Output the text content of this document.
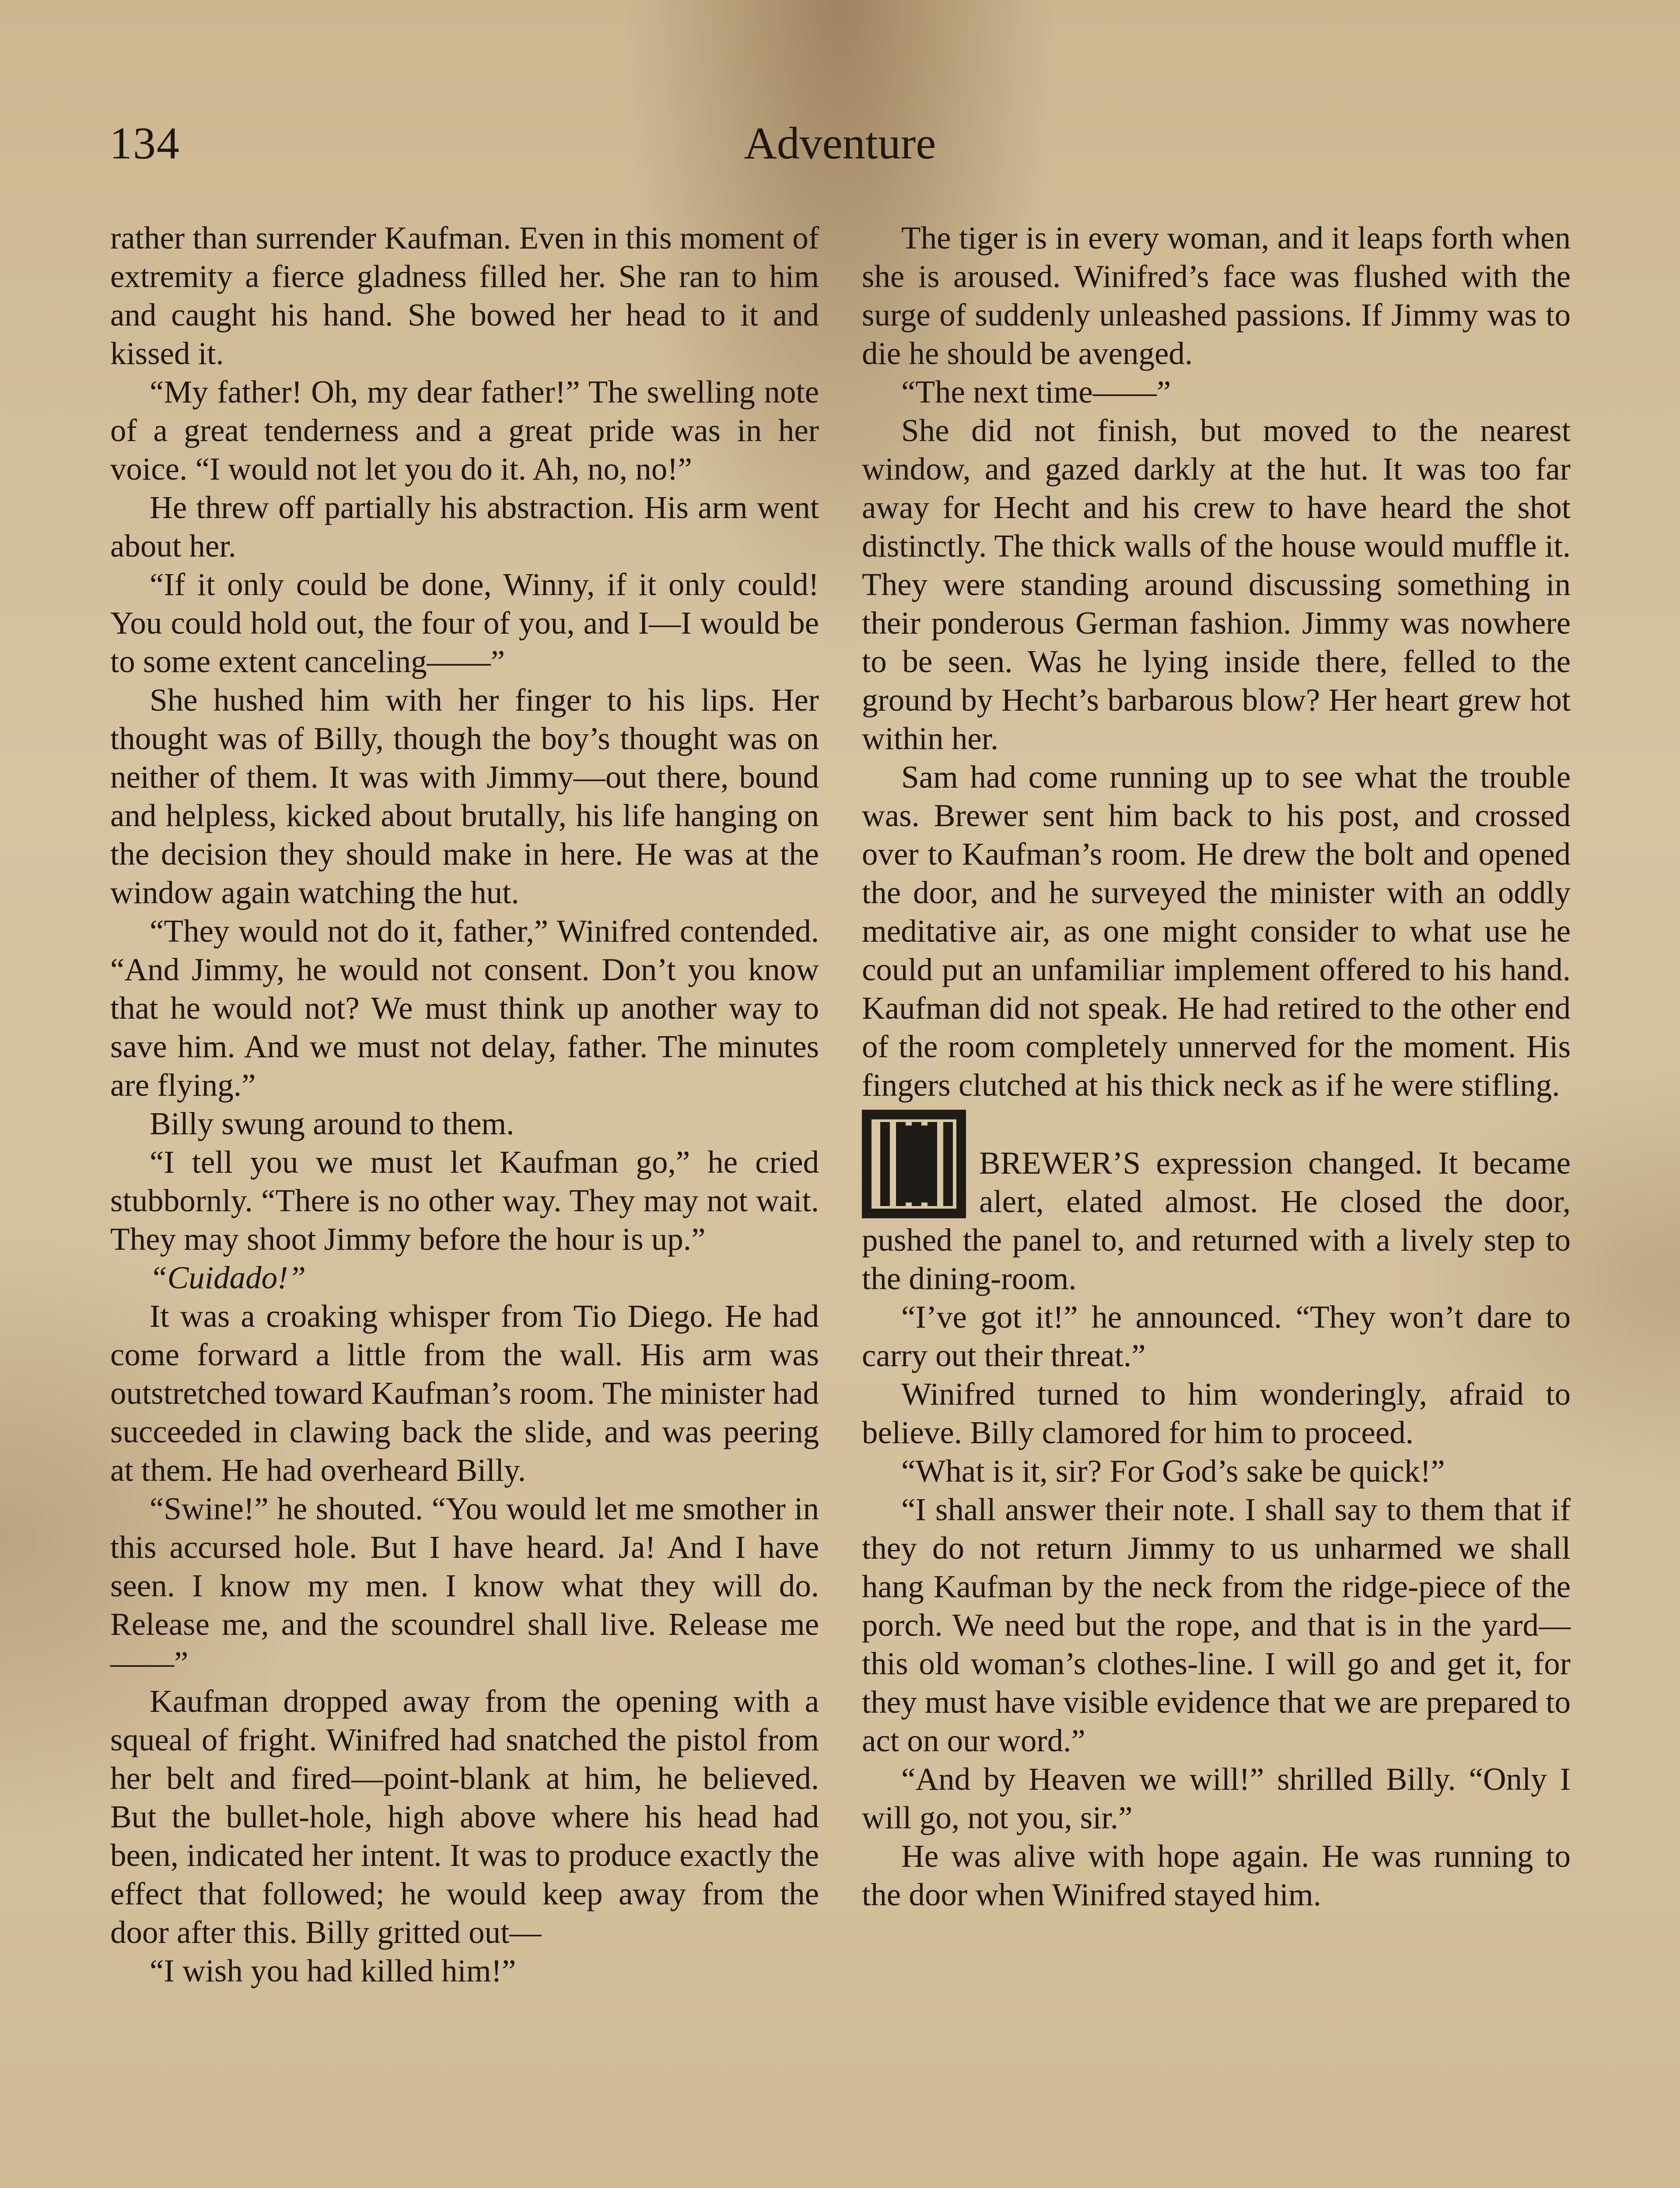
134	Adventure

rather than surrender Kaufman. Even in this moment of extremity a fierce gladness filled her. She ran to him and caught his hand. She bowed her head to it and kissed it.

“My father! Oh, my dear father!” The swelling note of a great tenderness and a great pride was in her voice. “I would not let you do it. Ah, no, no!”

He threw off partially his abstraction. His arm went about her.

“If it only could be done, Winny, if it only could! You could hold out, the four of you, and I—I would be to some extent canceling——”

She hushed him with her finger to his lips. Her thought was of Billy, though the boy’s thought was on neither of them. It was with Jimmy—out there, bound and helpless, kicked about brutally, his life hanging on the decision they should make in here. He was at the window again watching the hut.

“They would not do it, father,” Winifred contended. “And Jimmy, he would not consent. Don’t you know that he would not? We must think up another way to save him. And we must not delay, father. The minutes are flying.”

Billy swung around to them.

“I tell you we must let Kaufman go,” he cried stubbornly. “There is no other way. They may not wait. They may shoot Jimmy before the hour is up.”

“Cuidado!”

It was a croaking whisper from Tio Diego. He had come forward a little from the wall. His arm was outstretched toward Kaufman’s room. The minister had succeeded in clawing back the slide, and was peering at them. He had overheard Billy.

“Swine!” he shouted. “You would let me smother in this accursed hole. But I have heard. Ja! And I have seen. I know my men. I know what they will do. Release me, and the scoundrel shall live. Release me——”

Kaufman dropped away from the opening with a squeal of fright. Winifred had snatched the pistol from her belt and fired—point-blank at him, he believed. But the bullet-hole, high above where his head had been, indicated her intent. It was to produce exactly the effect that followed; he would keep away from the door after this. Billy gritted out—

“I wish you had killed him!”

The tiger is in every woman, and it leaps forth when she is aroused. Winifred’s face was flushed with the surge of suddenly unleashed passions. If Jimmy was to die he should be avenged.

“The next time——”

She did not finish, but moved to the nearest window, and gazed darkly at the hut. It was too far away for Hecht and his crew to have heard the shot distinctly. The thick walls of the house would muffle it. They were standing around discussing something in their ponderous German fashion. Jimmy was nowhere to be seen. Was he lying inside there, felled to the ground by Hecht’s barbarous blow? Her heart grew hot within her.

Sam had come running up to see what the trouble was. Brewer sent him back to his post, and crossed over to Kaufman’s room. He drew the bolt and opened the door, and he surveyed the minister with an oddly meditative air, as one might consider to what use he could put an unfamiliar implement offered to his hand. Kaufman did not speak. He had retired to the other end of the room completely unnerved for the moment. His fingers clutched at his thick neck as if he were stifling.

BREWER’S expression changed. It became alert, elated almost. He closed the door, pushed the panel to, and returned with a lively step to the dining-room.

“I’ve got it!” he announced. “They won’t dare to carry out their threat.”

Winifred turned to him wonderingly, afraid to believe. Billy clamored for him to proceed.

“What is it, sir? For God’s sake be quick!”

“I shall answer their note. I shall say to them that if they do not return Jimmy to us unharmed we shall hang Kaufman by the neck from the ridge-piece of the porch. We need but the rope, and that is in the yard—this old woman’s clothes-line. I will go and get it, for they must have visible evidence that we are prepared to act on our word.”

“And by Heaven we will!” shrilled Billy. “Only I will go, not you, sir.”

He was alive with hope again. He was running to the door when Winifred stayed him.
